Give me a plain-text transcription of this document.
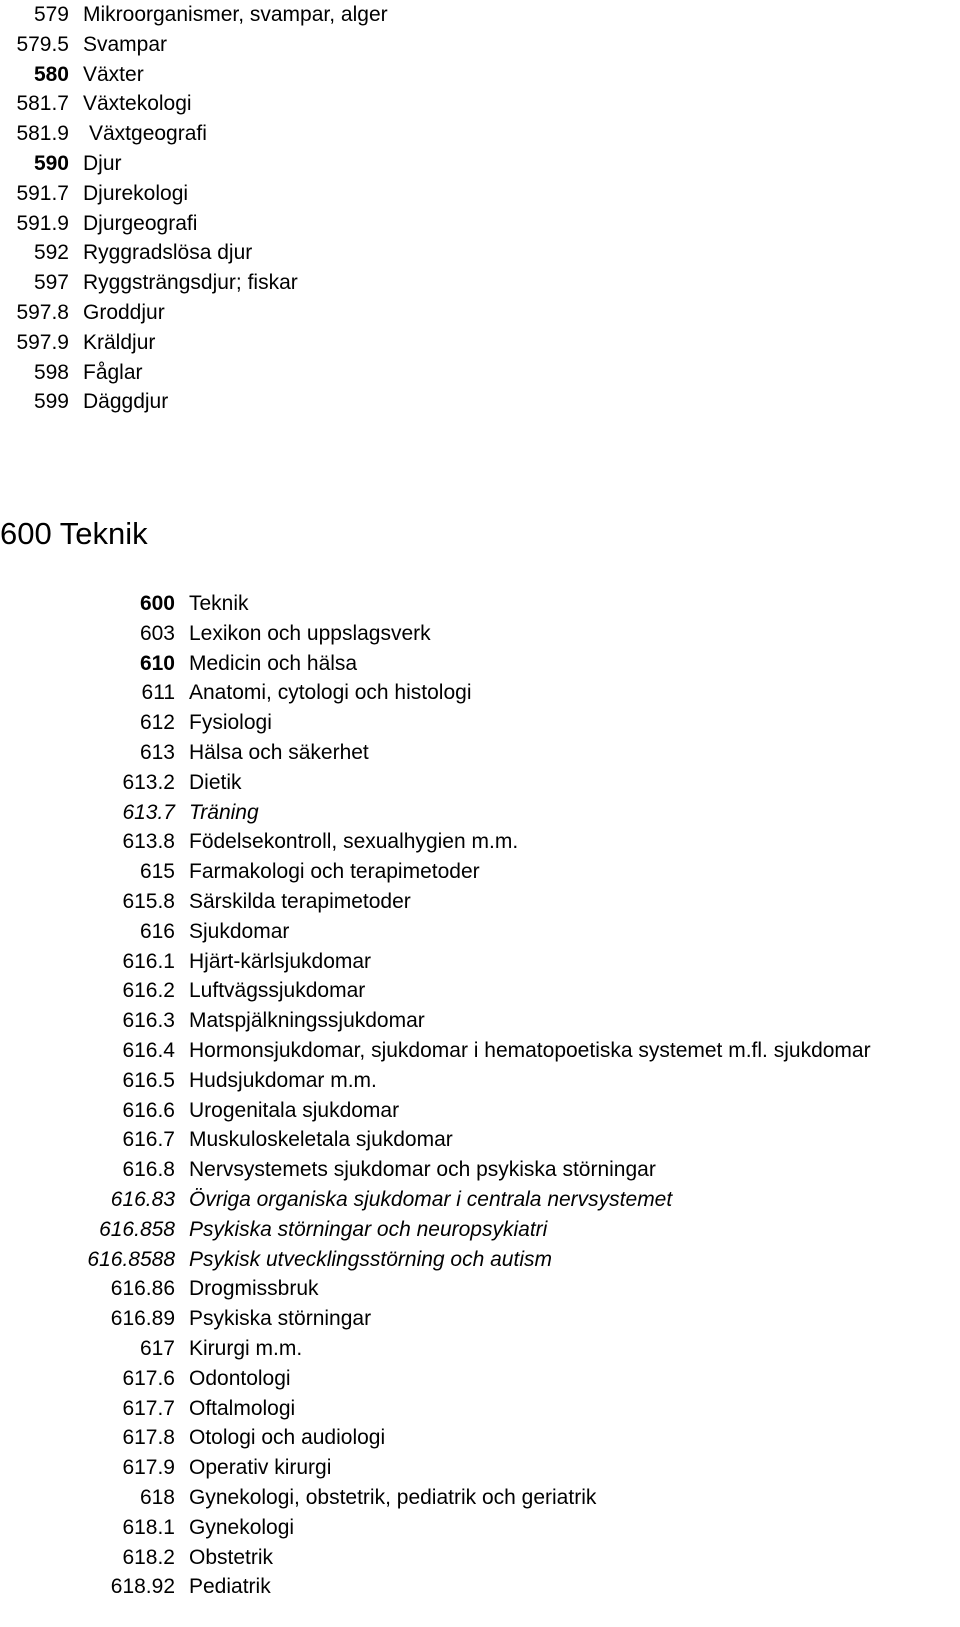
579 Mikroorganismer, svampar, alger
579.5 Svampar
580 Växter
581.7 Växtekologi
581.9 Växtgeografi
590 Djur
591.7 Djurekologi
591.9 Djurgeografi
592 Ryggradslösa djur
597 Ryggsträngsdjur; fiskar
597.8 Groddjur
597.9 Kräldjur
598 Fåglar
599 Däggdjur
600 Teknik
600 Teknik
603 Lexikon och uppslagsverk
610 Medicin och hälsa
611 Anatomi, cytologi och histologi
612 Fysiologi
613 Hälsa och säkerhet
613.2 Dietik
613.7 Träning
613.8 Födelsekontroll, sexualhygien m.m.
615 Farmakologi och terapimetoder
615.8 Särskilda terapimetoder
616 Sjukdomar
616.1 Hjärt-kärlsjukdomar
616.2 Luftvägssjukdomar
616.3 Matspjälkningssjukdomar
616.4 Hormonsjukdomar, sjukdomar i hematopoetiska systemet m.fl. sjukdomar
616.5 Hudsjukdomar m.m.
616.6 Urogenitala sjukdomar
616.7 Muskuloskeletala sjukdomar
616.8 Nervsystemets sjukdomar och psykiska störningar
616.83 Övriga organiska sjukdomar i centrala nervsystemet
616.858 Psykiska störningar och neuropsykiatri
616.8588 Psykisk utvecklingsstörning och autism
616.86 Drogmissbruk
616.89 Psykiska störningar
617 Kirurgi m.m.
617.6 Odontologi
617.7 Oftalmologi
617.8 Otologi och audiologi
617.9 Operativ kirurgi
618 Gynekologi, obstetrik, pediatrik och geriatrik
618.1 Gynekologi
618.2 Obstetrik
618.92 Pediatrik
